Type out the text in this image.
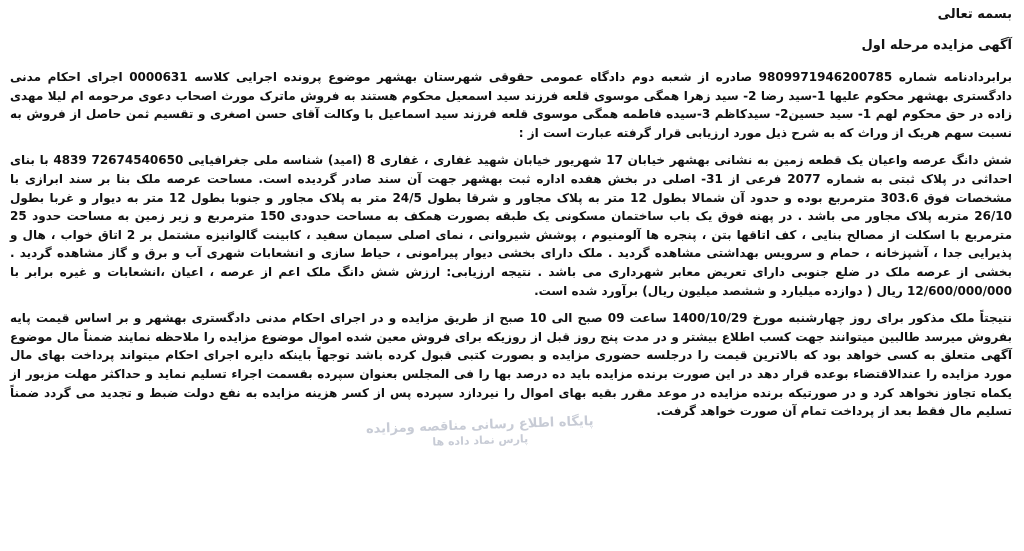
بسمه تعالی
آگهی مزایده مرحله اول

برابردادنامه شماره 9809971946200785 صادره از شعبه دوم دادگاه عمومی حقوقی شهرستان بهشهر موضوع پرونده اجرایی کلاسه 0000631 اجرای احکام مدنی دادگستری بهشهر محکوم علیها 1-سید رضا 2- سید زهرا همگی موسوی قلعه فرزند سید اسمعیل محکوم هستند به فروش ماترک مورث اصحاب دعوی مرحومه ام لیلا مهدی زاده در حق محکوم لهم 1- سید حسین2- سیدکاظم 3-سیده فاطمه همگی موسوی قلعه فرزند سید اسماعیل با وکالت آقای حسن اصغری و تقسیم ثمن حاصل از فروش به نسبت سهم هریک از وراث که به شرح ذیل مورد ارزیابی قرار گرفته عبارت است از :

شش دانگ عرصه واعیان یک قطعه زمین به نشانی بهشهر خیابان 17 شهریور خیابان شهید غفاری ، غفاری 8 (امید) شناسه ملی جغرافیایی 72674540650 4839 با بنای احداثی در پلاک ثبتی به شماره 2077 فرعی از 31- اصلی در بخش هفده اداره ثبت بهشهر جهت آن سند صادر گردیده است. مساحت عرصه ملک بنا بر سند ابرازی با مشخصات فوق 303.6 مترمربع بوده و حدود آن شمالا بطول 12 متر به پلاک مجاور و شرقا بطول 24/5 متر به پلاک مجاور و جنوبا بطول 12 متر به دیوار و غربا بطول 26/10 متربه پلاک مجاور می باشد . در پهنه فوق یک باب ساختمان مسکونی یک طبقه بصورت همکف به مساحت حدودی 150 مترمربع و زیر زمین به مساحت حدود 25 مترمربع با اسکلت از مصالح بنایی ، کف اتاقها بتن ، پنجره ها آلومنیوم ، پوشش شیروانی ، نمای اصلی سیمان سفید ، کابینت گالوانیزه مشتمل بر 2 اتاق خواب ، هال و پذیرایی جدا ، آشپزخانه ، حمام و سرویس بهداشتی مشاهده گردید . ملک دارای بخشی دیوار پیرامونی ، حیاط سازی و انشعابات شهری آب و برق و گاز مشاهده گردید . بخشی از عرصه ملک در ضلع جنوبی دارای تعریض معابر شهرداری می باشد . نتیجه ارزیابی: ارزش شش دانگ ملک اعم از عرصه ، اعیان ،انشعابات و غیره برابر با 12/600/000/000 ریال ( دوازده میلیارد و ششصد میلیون ریال) برآورد شده است.

نتیجتاً ملک مذکور برای روز چهارشنبه مورخ 1400/10/29 ساعت 09 صبح الی 10 صبح از طریق مزایده و در اجرای احکام مدنی دادگستری بهشهر و بر اساس قیمت پایه بفروش میرسد طالبین میتوانند جهت کسب اطلاع بیشتر و در مدت پنج روز قبل از روزیکه برای فروش معین شده اموال موضوع مزایده را ملاحظه نمایند ضمناً مال موضوع آگهی متعلق به کسی خواهد بود که بالاترین قیمت را درجلسه حضوری مزایده و بصورت کتبی قبول کرده باشد توجهاً باینکه دایره اجرای احکام میتواند پرداخت بهای مال مورد مزایده را عندالاقتضاء بوعده قرار دهد در این صورت برنده مزایده باید ده درصد بها را فی المجلس بعنوان سپرده بقسمت اجراء تسلیم نماید و حداکثر مهلت مزبور از یکماه تجاوز نخواهد کرد و در صورتیکه برنده مزایده در موعد مقرر بقیه بهای اموال را نیردازد سپرده پس از کسر هزینه مزایده به نفع دولت ضبط و تجدید می گردد ضمناً تسلیم مال فقط بعد از پرداخت تمام آن صورت خواهد گرفت.

پایگاه اطلاع رسانی مناقصه ومزایده
پارس نماد داده ها
